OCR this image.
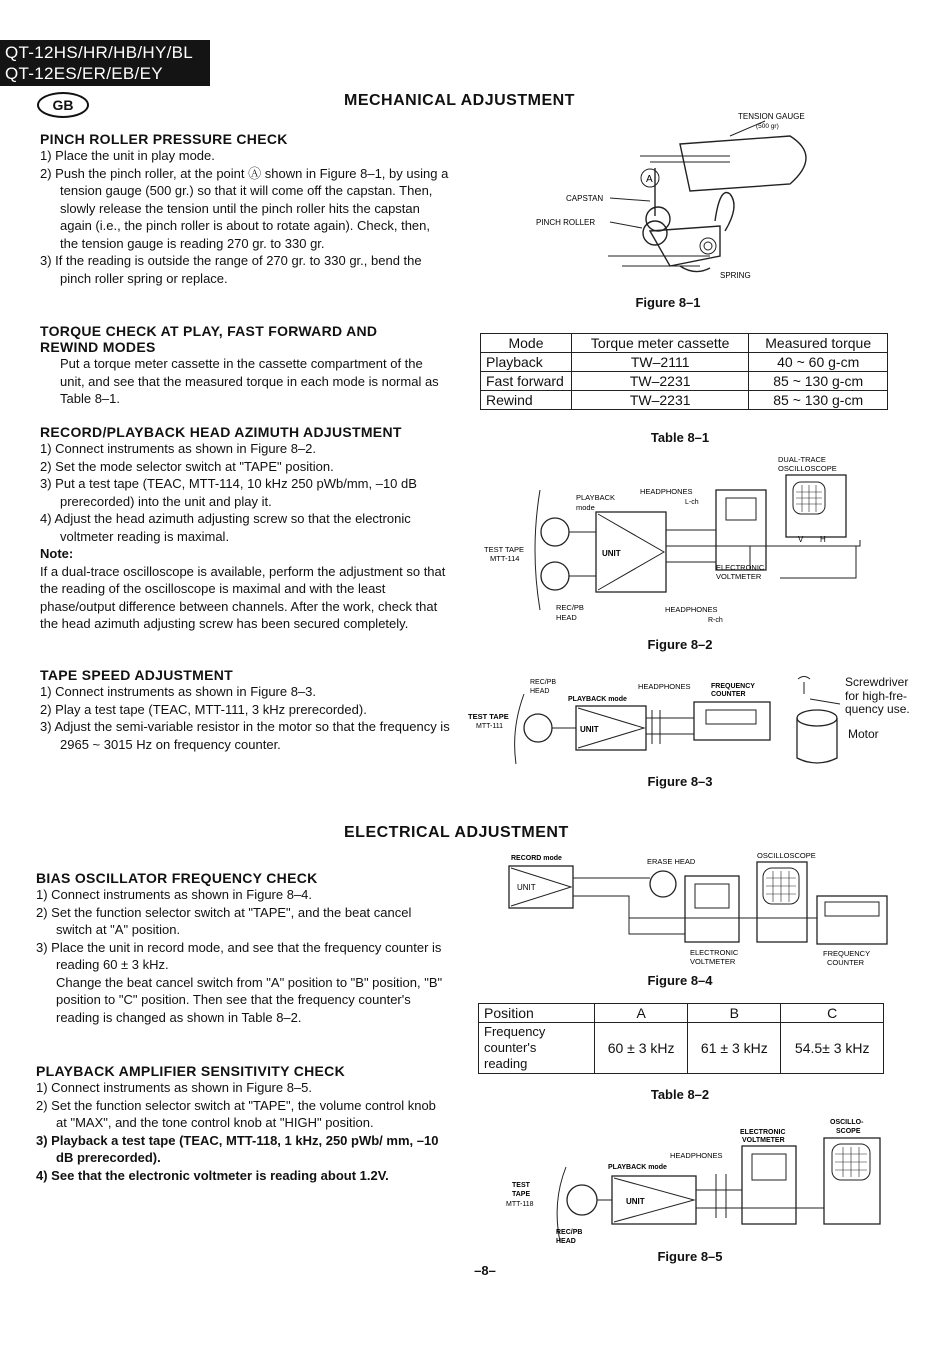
QT-12HS/HR/HB/HY/BL
QT-12ES/ER/EB/EY
GB	MECHANICAL ADJUSTMENT
PINCH ROLLER PRESSURE CHECK

1) Place the unit in play mode.

2) Push the pinch roller, at the point Ⓐ shown in Figure 8–1, by using a tension gauge (500 gr.) so that it will come off the capstan. Then, slowly release the tension until the pinch roller hits the capstan again (i.e., the pinch roller is about to rotate again). Check, then, the tension gauge is reading 270 gr. to 330 gr.

3) If the reading is outside the range of 270 gr. to 330 gr., bend the pinch roller spring or replace.

TORQUE CHECK AT PLAY, FAST FORWARD AND
REWIND MODES

Put a torque meter cassette in the cassette compartment of the unit, and see that the measured torque in each mode is normal as Table 8–1.

RECORD/PLAYBACK HEAD AZIMUTH ADJUSTMENT

1) Connect instruments as shown in Figure 8–2.

2) Set the mode selector switch at "TAPE" position.

3) Put a test tape (TEAC, MTT-114, 10 kHz 250 pWb/mm, –10 dB prerecorded) into the unit and play it.

4) Adjust the head azimuth adjusting screw so that the electronic voltmeter reading is maximal.

Note:

If a dual-trace oscilloscope is available, perform the adjustment so that the reading of the oscilloscope is maximal and with the least phase/output difference between channels. After the work, check that the head azimuth adjusting screw has been secured completely.

TAPE SPEED ADJUSTMENT

1) Connect instruments as shown in Figure 8–3.

2) Play a test tape (TEAC, MTT-111, 3 kHz prerecorded).

3) Adjust the semi-variable resistor in the motor so that the frequency is 2965 ~ 3015 Hz on frequency counter.

TENSION GAUGE
(500 gr)
A
CAPSTAN
PINCH ROLLER
SPRING
Figure 8–1
Mode	Torque meter cassette	Measured torque
Playback	TW–2111	40 ~ 60 g-cm
Fast forward	TW–2231	85 ~ 130 g-cm
Rewind	TW–2231	85 ~ 130 g-cm
Table 8–1
DUAL-TRACE
OSCILLOSCOPE
V H
HEADPHONES
L-ch
PLAYBACK
mode
ELECTRONIC
VOLTMETER
UNIT
TEST TAPE
MTT-114
REC/PB
HEAD
HEADPHONES
R-ch
Figure 8–2
REC/PB
HEAD
HEADPHONES
PLAYBACK mode
FREQUENCY
COUNTER
UNIT
TEST TAPE
MTT-111
Screwdriver
for high-fre-
quency use.
Motor
Figure 8–3
ELECTRICAL ADJUSTMENT
BIAS OSCILLATOR FREQUENCY CHECK

1) Connect instruments as shown in Figure 8–4.

2) Set the function selector switch at "TAPE", and the beat cancel switch at "A" position.

3) Place the unit in record mode, and see that the frequency counter is reading 60 ± 3 kHz.

Change the beat cancel switch from "A" position to "B" position, "B" position to "C" position. Then see that the frequency counter's reading is changed as shown in Table 8–2.

PLAYBACK AMPLIFIER SENSITIVITY CHECK

1) Connect instruments as shown in Figure 8–5.

2) Set the function selector switch at "TAPE", the volume control knob at "MAX", and the tone control knob at "HIGH" position.

3) Playback a test tape (TEAC, MTT-118, 1 kHz, 250 pWb/ mm, –10 dB prerecorded).

4) See that the electronic voltmeter is reading about 1.2V.

RECORD mode	ERASE HEAD
OSCILLOSCOPE
UNIT
ELECTRONIC
VOLTMETER
FREQUENCY
COUNTER
Figure 8–4
Position	A	B	C

Frequency
counter's
reading	60 ± 3 kHz	61 ± 3 kHz	54.5± 3 kHz
Table 8–2
ELECTRONIC
VOLTMETER
OSCILLO-
SCOPE
HEADPHONES
PLAYBACK mode
UNIT
TEST
TAPE
MTT-118
REC/PB
HEAD
Figure 8–5
–8–
